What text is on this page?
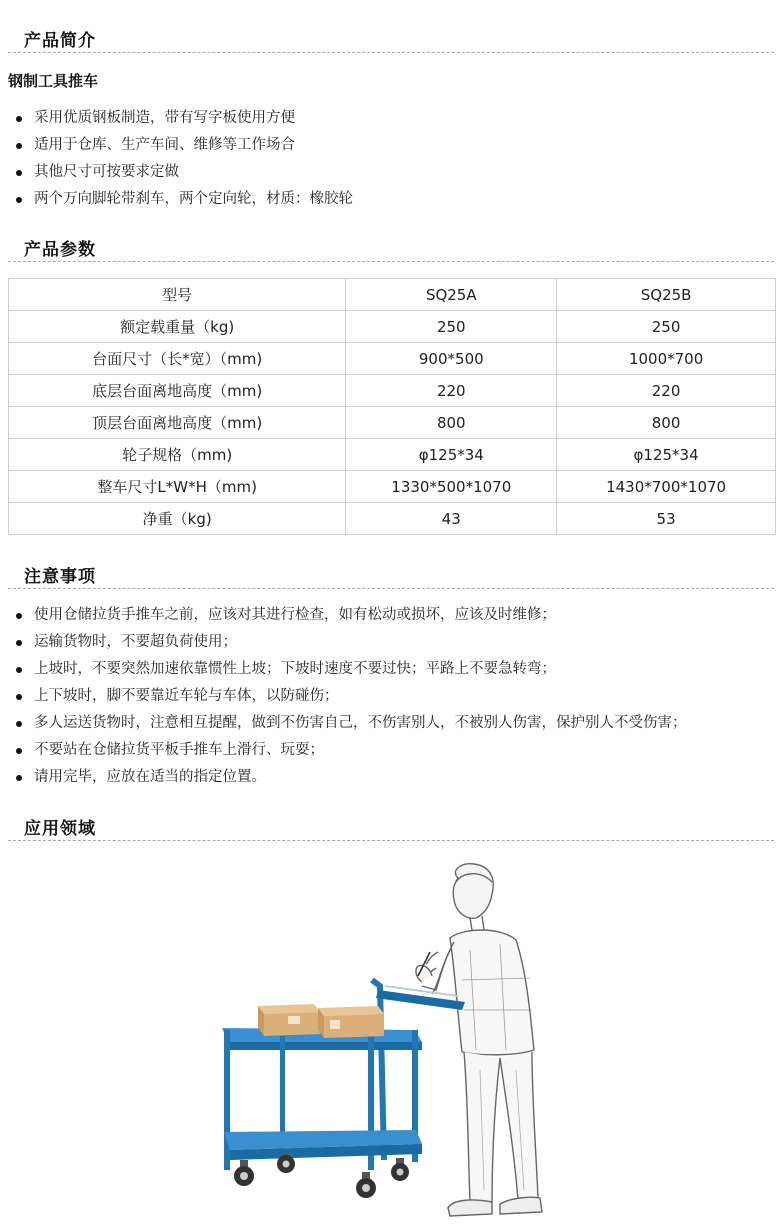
产品简介
钢制工具推车
采用优质钢板制造，带有写字板使用方便
适用于仓库、生产车间、维修等工作场合
其他尺寸可按要求定做
两个万向脚轮带刹车，两个定向轮，材质：橡胶轮
产品参数
型号	SQ25A	SQ25B
额定载重量（kg)	250	250
台面尺寸（长*宽）（mm)	900*500	1000*700
底层台面离地高度（mm)	220	220
顶层台面离地高度（mm)	800	800
轮子规格（mm)	φ125*34	φ125*34
整车尺寸L*W*H（mm)	1330*500*1070	1430*700*1070
净重（kg)	43	53
注意事项
使用仓储拉货手推车之前，应该对其进行检查，如有松动或损坏，应该及时维修；
运输货物时，不要超负荷使用；
上坡时，不要突然加速依靠惯性上坡；下坡时速度不要过快；平路上不要急转弯；
上下坡时，脚不要靠近车轮与车体，以防碰伤；
多人运送货物时，注意相互提醒，做到不伤害自己，不伤害别人，不被别人伤害，保护别人不受伤害；
不要站在仓储拉货平板手推车上滑行、玩耍；
请用完毕，应放在适当的指定位置。
应用领域
